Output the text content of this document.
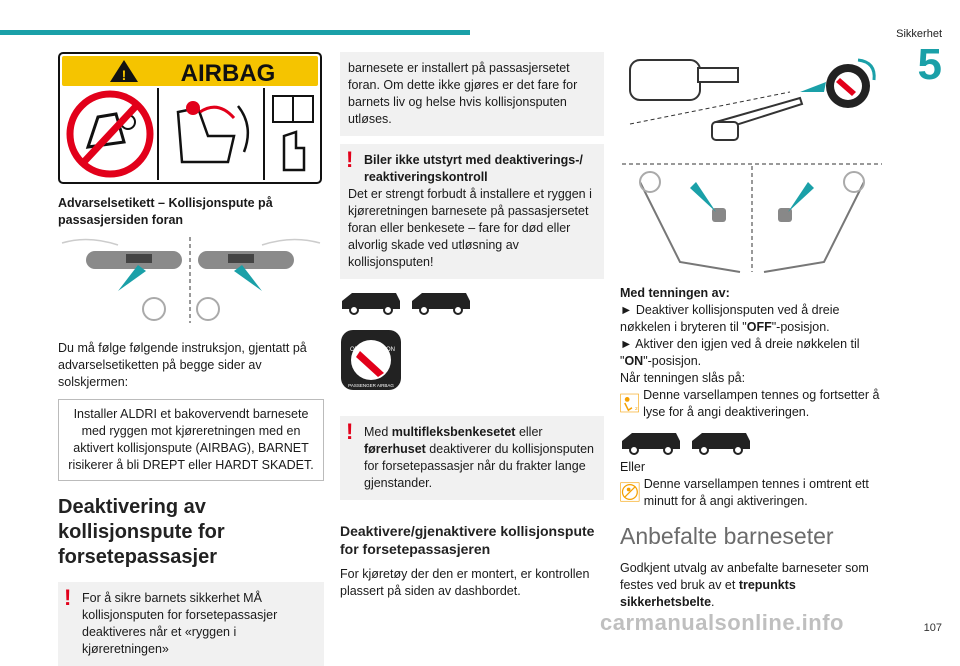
Sikkerhet
5
! AIRBAG

Advarselsetikett – Kollisjonspute på passasjersiden foran

Du må følge følgende instruksjon, gjentatt på advarselsetiketten på begge sider av solskjermen:

Installer ALDRI et bakovervendt barnesete med ryggen mot kjøreretningen med en aktivert kollisjonspute (AIRBAG), BARNET risikerer å bli DREPT eller HARDT SKADET.
Deaktivering av kollisjonspute for forsetepassasjer
! For å sikre barnets sikkerhet MÅ kollisjonsputen for forsetepassasjer deaktiveres når et «ryggen i kjøreretningen»
barnesete er installert på passasjersetet foran. Om dette ikke gjøres er det fare for barnets liv og helse hvis kollisjonsputen utløses.
! Biler ikke utstyrt med deaktiverings-/ reaktiveringskontroll

Det er strengt forbudt å installere et ryggen i kjøreretningen barnesete på passasjersetet foran eller benkesete – fare for død eller alvorlig skade ved utløsning av kollisjonsputen!
OFF	ON
PASSENGER AIRBAG
! Med multifleksbenkesetet eller førerhuset deaktiverer du kollisjonsputen for forsetepassasjer når du frakter lange gjenstander.
Deaktivere/gjenaktivere kollisjonspute for forsetepassasjeren

For kjøretøy der den er montert, er kontrollen plassert på siden av dashbordet.

Med tenningen av:

► Deaktiver kollisjonsputen ved å dreie nøkkelen i bryteren til "OFF"-posisjon.

► Aktiver den igjen ved å dreie nøkkelen til "ON"-posisjon.

Når tenningen slås på:

2
Denne varsellampen tennes og fortsetter å lyse for å angi deaktiveringen.

Eller

Denne varsellampen tennes i omtrent ett minutt for å angi aktiveringen.
Anbefalte barneseter

Godkjent utvalg av anbefalte barneseter som festes ved bruk av et trepunkts sikkerhetsbelte.

carmanualsonline.info	107
